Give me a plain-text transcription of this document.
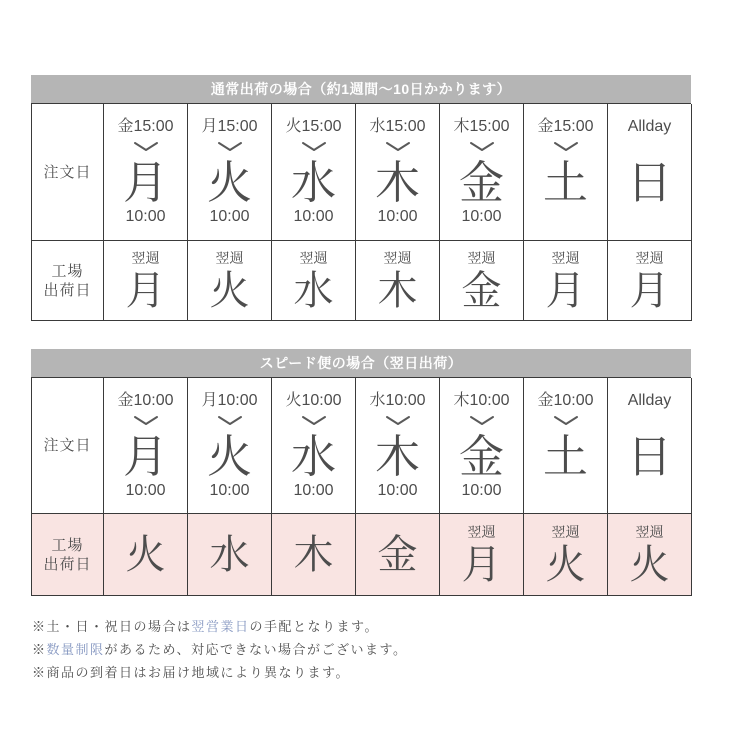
通常出荷の場合（約1週間〜10日かかります）
注文日
金15:00
月
10:00
月15:00
火
10:00
火15:00
水
10:00
水15:00
木
10:00
木15:00
金
10:00
金15:00
土
Allday
日
工場
出荷日
翌週
月
翌週
火
翌週
水
翌週
木
翌週
金
翌週
月
翌週
月
スピード便の場合（翌日出荷）
注文日
金10:00
月
10:00
月10:00
火
10:00
火10:00
水
10:00
水10:00
木
10:00
木10:00
金
10:00
金10:00
土
Allday
日
工場
出荷日 火 水 木 金
翌週
月
翌週
火
翌週
火

※土・日・祝日の場合は翌営業日の手配となります。

※数量制限があるため、対応できない場合がございます。

※商品の到着日はお届け地域により異なります。
